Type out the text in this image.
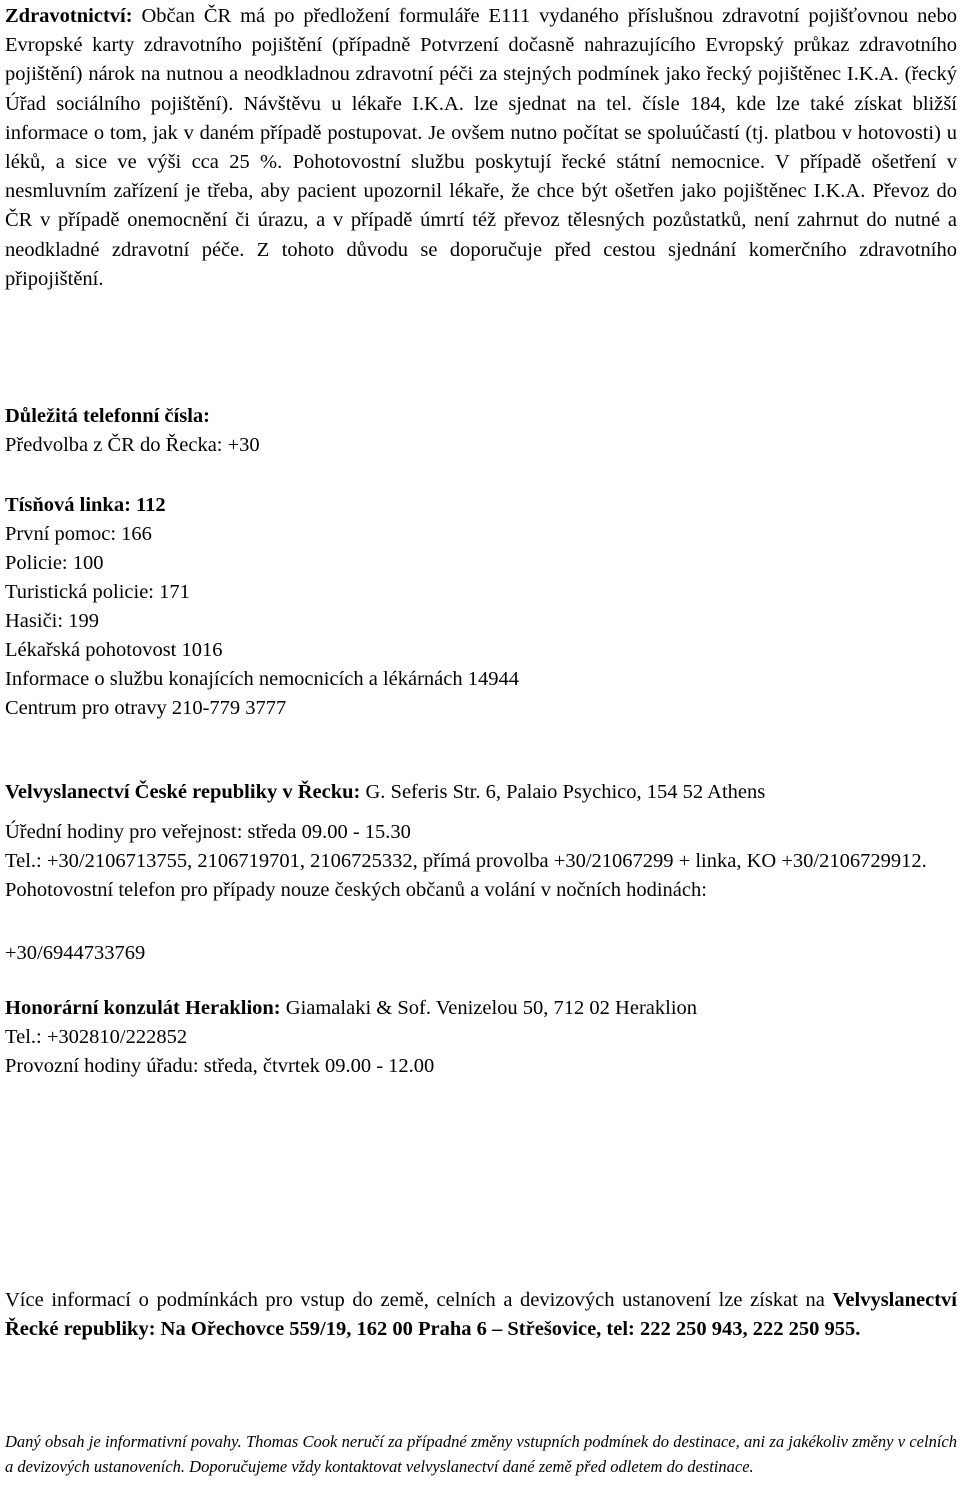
Zdravotnictví: Občan ČR má po předložení formuláře E111 vydaného příslušnou zdravotní pojišťovnou nebo Evropské karty zdravotního pojištění (případně Potvrzení dočasně nahrazujícího Evropský průkaz zdravotního pojištění) nárok na nutnou a neodkladnou zdravotní péči za stejných podmínek jako řecký pojištěnec I.K.A. (řecký Úřad sociálního pojištění). Návštěvu u lékaře I.K.A. lze sjednat na tel. čísle 184, kde lze také získat bližší informace o tom, jak v daném případě postupovat. Je ovšem nutno počítat se spoluúčastí (tj. platbou v hotovosti) u léků, a sice ve výši cca 25 %. Pohotovostní službu poskytují řecké státní nemocnice. V případě ošetření v nesmluvním zařízení je třeba, aby pacient upozornil lékaře, že chce být ošetřen jako pojištěnec I.K.A. Převoz do ČR v případě onemocnění či úrazu, a v případě úmrtí též převoz tělesných pozůstatků, není zahrnut do nutné a neodkladné zdravotní péče. Z tohoto důvodu se doporučuje před cestou sjednání komerčního zdravotního připojištění.

Důležitá telefonní čísla:

Předvolba z ČR do Řecka: +30

Tísňová linka: 112

První pomoc: 166

Policie: 100

Turistická policie: 171

Hasiči: 199

Lékařská pohotovost 1016

Informace o službu konajících nemocnicích a lékárnách 14944

Centrum pro otravy 210-779 3777

Velvyslanectví České republiky v Řecku: G. Seferis Str. 6, Palaio Psychico, 154 52 Athens

Úřední hodiny pro veřejnost: středa 09.00 - 15.30

Tel.: +30/2106713755, 2106719701, 2106725332, přímá provolba +30/21067299 + linka, KO +30/2106729912.

Pohotovostní telefon pro případy nouze českých občanů a volání v nočních hodinách:

+30/6944733769

Honorární konzulát Heraklion: Giamalaki & Sof. Venizelou 50, 712 02 Heraklion

Tel.: +302810/222852

Provozní hodiny úřadu: středa, čtvrtek 09.00 - 12.00

Více informací o podmínkách pro vstup do země, celních a devizových ustanovení lze získat na Velvyslanectví Řecké republiky: Na Ořechovce 559/19, 162 00 Praha 6 – Střešovice, tel: 222 250 943, 222 250 955.

Daný obsah je informativní povahy. Thomas Cook neručí za případné změny vstupních podmínek do destinace, ani za jakékoliv změny v celních a devizových ustanoveních. Doporučujeme vždy kontaktovat velvyslanectví dané země před odletem do destinace.
